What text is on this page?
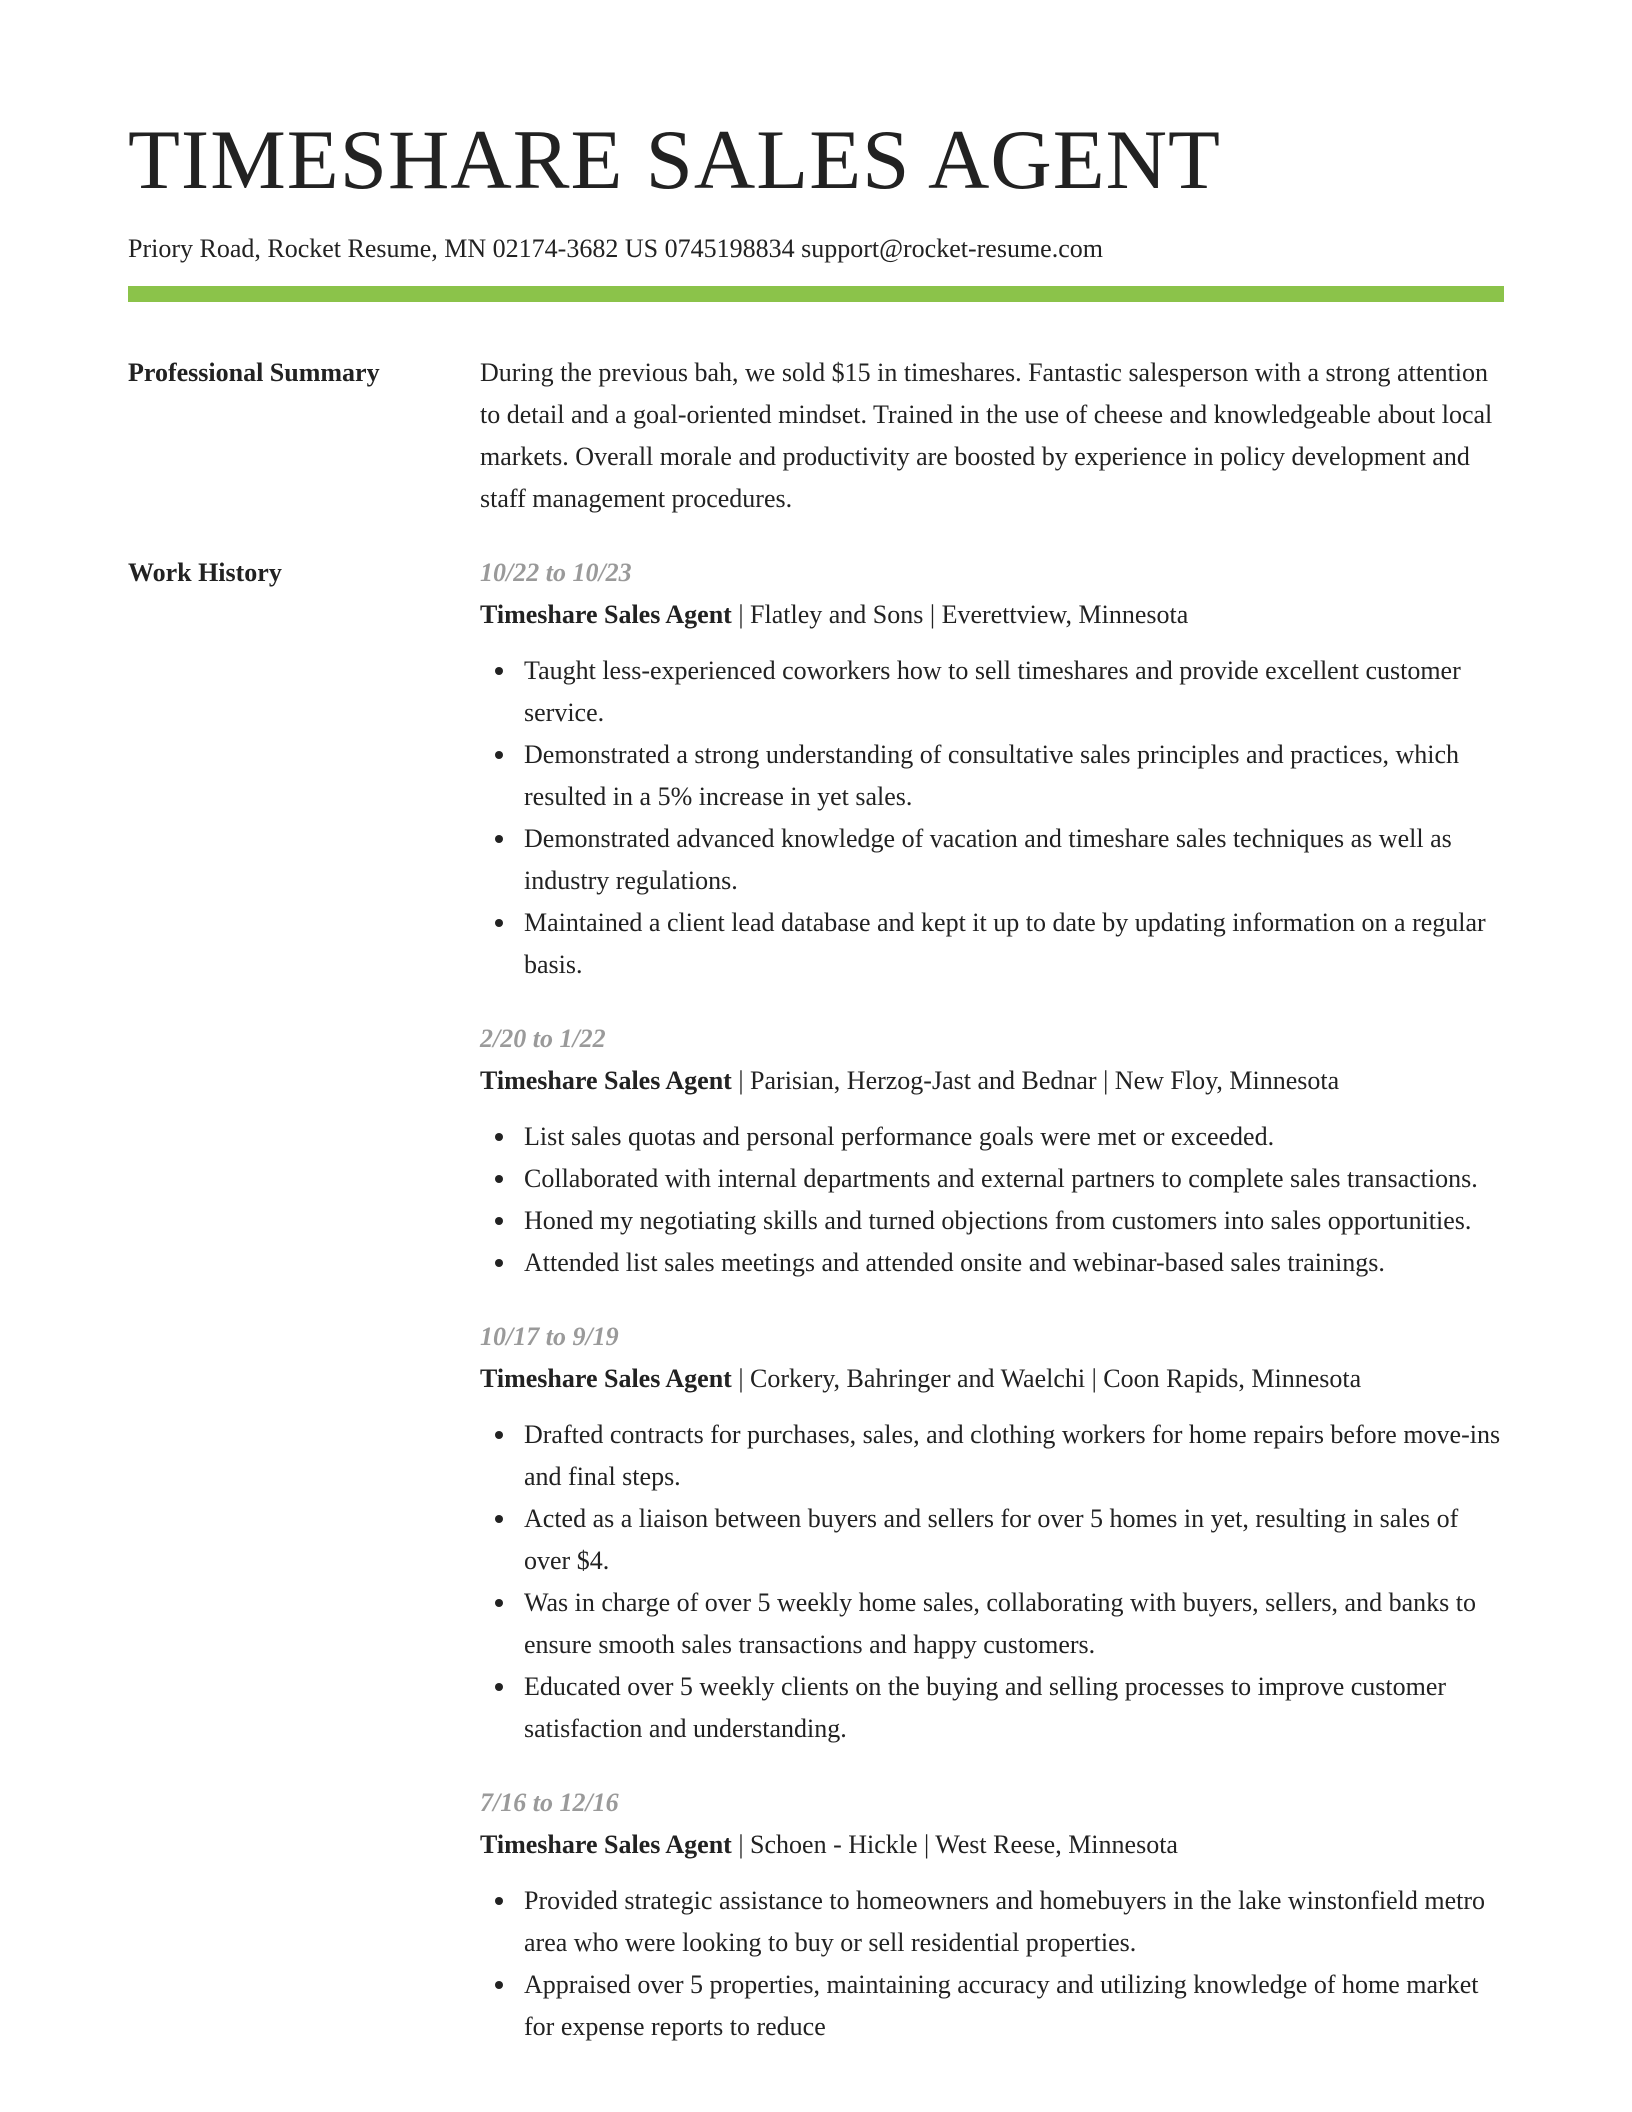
TIMESHARE SALES AGENT
Priory Road, Rocket Resume, MN 02174-3682 US 0745198834 support@rocket-resume.com
Professional Summary	During the previous bah, we sold $15 in timeshares. Fantastic salesperson with a strong attention to detail and a goal-oriented mindset. Trained in the use of cheese and knowledgeable about local markets. Overall morale and productivity are boosted by experience in policy development and staff management procedures.
Work History	10/22 to 10/23
Timeshare Sales Agent | Flatley and Sons | Everettview, Minnesota
Taught less-experienced coworkers how to sell timeshares and provide excellent customer service.
Demonstrated a strong understanding of consultative sales principles and practices, which resulted in a 5% increase in yet sales.
Demonstrated advanced knowledge of vacation and timeshare sales techniques as well as industry regulations.
Maintained a client lead database and kept it up to date by updating information on a regular basis.
2/20 to 1/22
Timeshare Sales Agent | Parisian, Herzog-Jast and Bednar | New Floy, Minnesota
List sales quotas and personal performance goals were met or exceeded.
Collaborated with internal departments and external partners to complete sales transactions.
Honed my negotiating skills and turned objections from customers into sales opportunities.
Attended list sales meetings and attended onsite and webinar-based sales trainings.
10/17 to 9/19
Timeshare Sales Agent | Corkery, Bahringer and Waelchi | Coon Rapids, Minnesota
Drafted contracts for purchases, sales, and clothing workers for home repairs before move-ins and final steps.
Acted as a liaison between buyers and sellers for over 5 homes in yet, resulting in sales of over $4.
Was in charge of over 5 weekly home sales, collaborating with buyers, sellers, and banks to ensure smooth sales transactions and happy customers.
Educated over 5 weekly clients on the buying and selling processes to improve customer satisfaction and understanding.
7/16 to 12/16
Timeshare Sales Agent | Schoen - Hickle | West Reese, Minnesota
Provided strategic assistance to homeowners and homebuyers in the lake winstonfield metro area who were looking to buy or sell residential properties.
Appraised over 5 properties, maintaining accuracy and utilizing knowledge of home market for expense reports to reduce
